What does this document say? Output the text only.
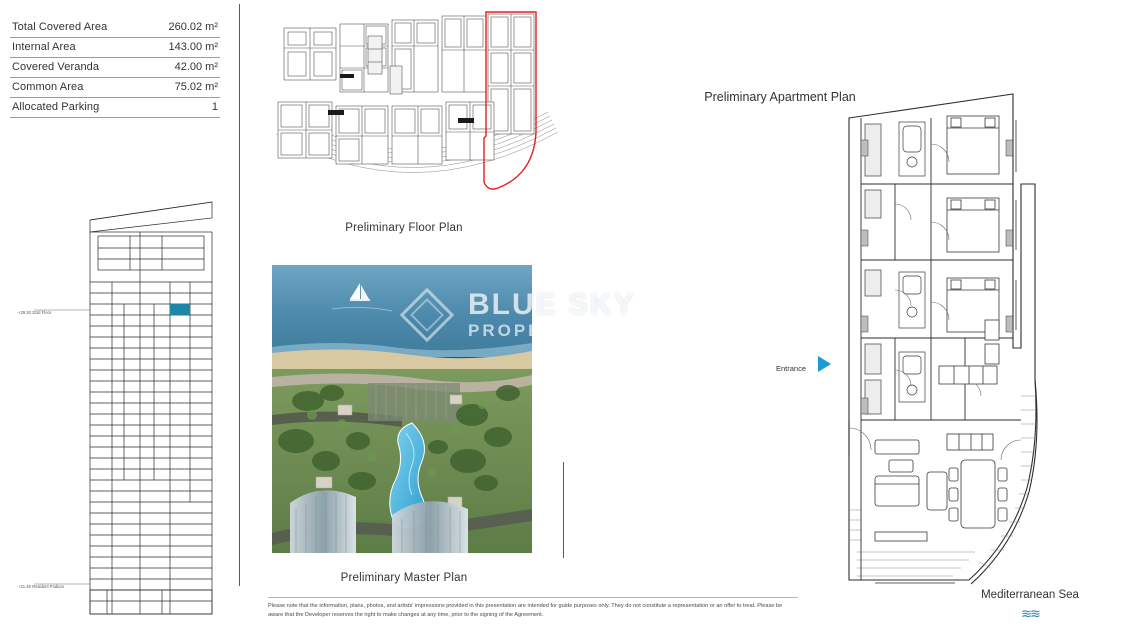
Total Covered Area	260.02 m²
Internal Area	143.00 m²
Covered Veranda	42.00 m²
Common Area	75.02 m²
Allocated Parking	1
+29.30 33rd Floor
+21.40 Resident Podium
Preliminary Floor Plan
Preliminary Master Plan
Please note that the information, plans, photos, and artists' impressions provided in this presentation are intended for guide purposes only. They do not constitute a representation or an offer to treat. Please be aware that the Developer reserves the right to make changes at any time, prior to the signing of the Agreement.
Preliminary Apartment Plan
Entrance
Mediterranean Sea
≋≋
BLUE SKY
PROPERTIES
